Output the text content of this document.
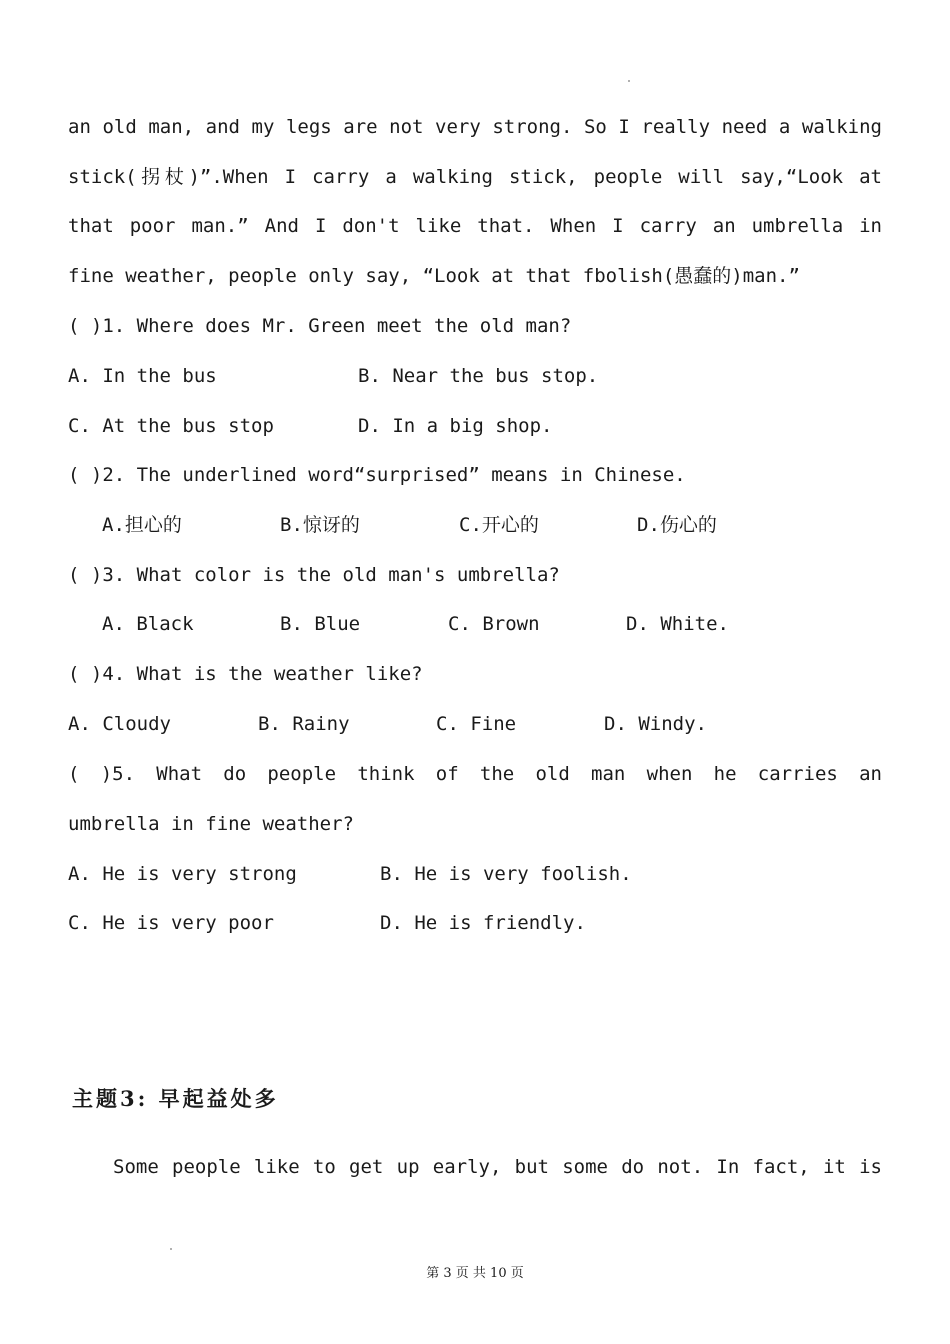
an old man, and my legs are not very strong. So I really need a walking
stick(拐杖)”.When I carry a walking stick, people will say,“Look at
that poor man.” And I don't like that. When I carry an umbrella in
fine weather, people only say, “Look at that fbolish(愚蠢的)man.”
( )1. Where does Mr. Green meet the old man?
A. In the bus	B. Near the bus stop.
C. At the bus stop	D. In a big shop.
( )2. The underlined word“surprised” means in Chinese.
A.担心的	B.惊讶的	C.开心的	D.伤心的
( )3. What color is the old man's umbrella?
A. Black	B. Blue	C. Brown	D. White.
( )4. What is the weather like?
A. Cloudy	B. Rainy	C. Fine	D. Windy.
( )5. What do people think of the old man when he carries an
umbrella in fine weather?
A. He is very strong	B. He is very foolish.
C. He is very poor	D. He is friendly.
主题3: 早起益处多
Some people like to get up early, but some do not. In fact, it is
第 3 页 共 10 页
